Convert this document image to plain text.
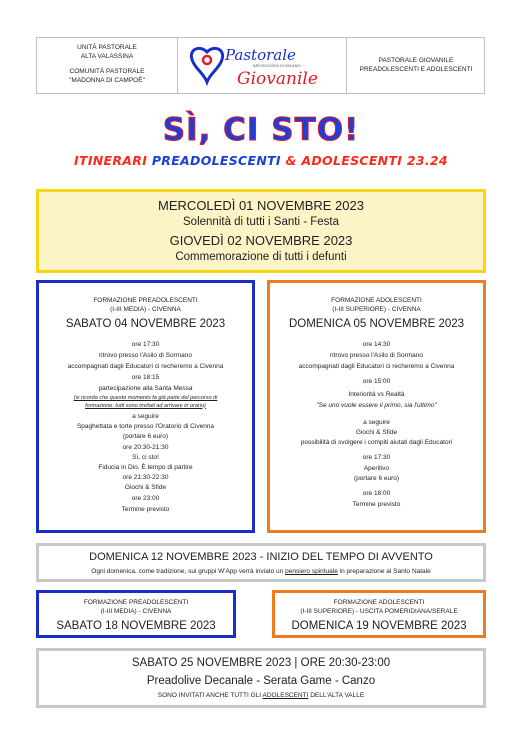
UNITÀ PASTORALE
ALTA VALASSINA
COMUNITÀ PASTORALE
"MADONNA DI CAMPOÈ"
Pastorale
ARCIDIOCESI DI MILANO
Giovanile
PASTORALE GIOVANILE
PREADOLESCENTI E ADOLESCENTI
SÌ, CI STO!
ITINERARI PREADOLESCENTI & ADOLESCENTI 23.24
MERCOLEDÌ 01 NOVEMBRE 2023
Solennità di tutti i Santi - Festa
GIOVEDÌ 02 NOVEMBRE 2023
Commemorazione di tutti i defunti
FORMAZIONE PREADOLESCENTI
(I-III MEDIA) - CIVENNA
SABATO 04 NOVEMBRE 2023
ore 17:30
ritrovo presso l'Asilo di Sormano
accompagnati dagli Educatori ci recheremo a Civenna
ore 18:15
partecipazione alla Santa Messa
(si ricorda che questo momento fa già parte del percorso di
formazione: tutti sono invitati ad arrivare in orario)
a seguire
Spaghettata e torte presso l'Oratorio di Civenna
(portare 6 euro)
ore 20:30-21:30
Sì, ci sto!
Fiducia in Dio. È tempo di partire
ore 21:30-22:30
Giochi & Sfide
ore 23:00
Termine previsto
FORMAZIONE ADOLESCENTI
(I-III SUPERIORE) - CIVENNA
DOMENICA 05 NOVEMBRE 2023
ore 14:30
ritrovo presso l'Asilo di Sormano
accompagnati dagli Educatori ci recheremo a Civenna
ore 15:00
Interiorità vs Realtà
"Se uno vuole essere il primo, sia l'ultimo"
a seguire
Giochi & Sfide
possibilità di svolgere i compiti aiutati dagli Educatori
ore 17:30
Aperitivo
(portare 6 euro)
ore 18:00
Termine previsto
DOMENICA 12 NOVEMBRE 2023 - INIZIO DEL TEMPO DI AVVENTO
Ogni domenica, come tradizione, sui gruppi W'App verrà inviato un pensiero spirituale in preparazione al Santo Natale
FORMAZIONE PREADOLESCENTI
(I-III MEDIA) - CIVENNA
SABATO 18 NOVEMBRE 2023
FORMAZIONE ADOLESCENTI
(I-III SUPERIORE) - USCITA POMERIDIANA/SERALE
DOMENICA 19 NOVEMBRE 2023
SABATO 25 NOVEMBRE 2023 | ORE 20:30-23:00
Preadolive Decanale - Serata Game - Canzo
SONO INVITATI ANCHE TUTTI GLI ADOLESCENTI DELL'ALTA VALLE
